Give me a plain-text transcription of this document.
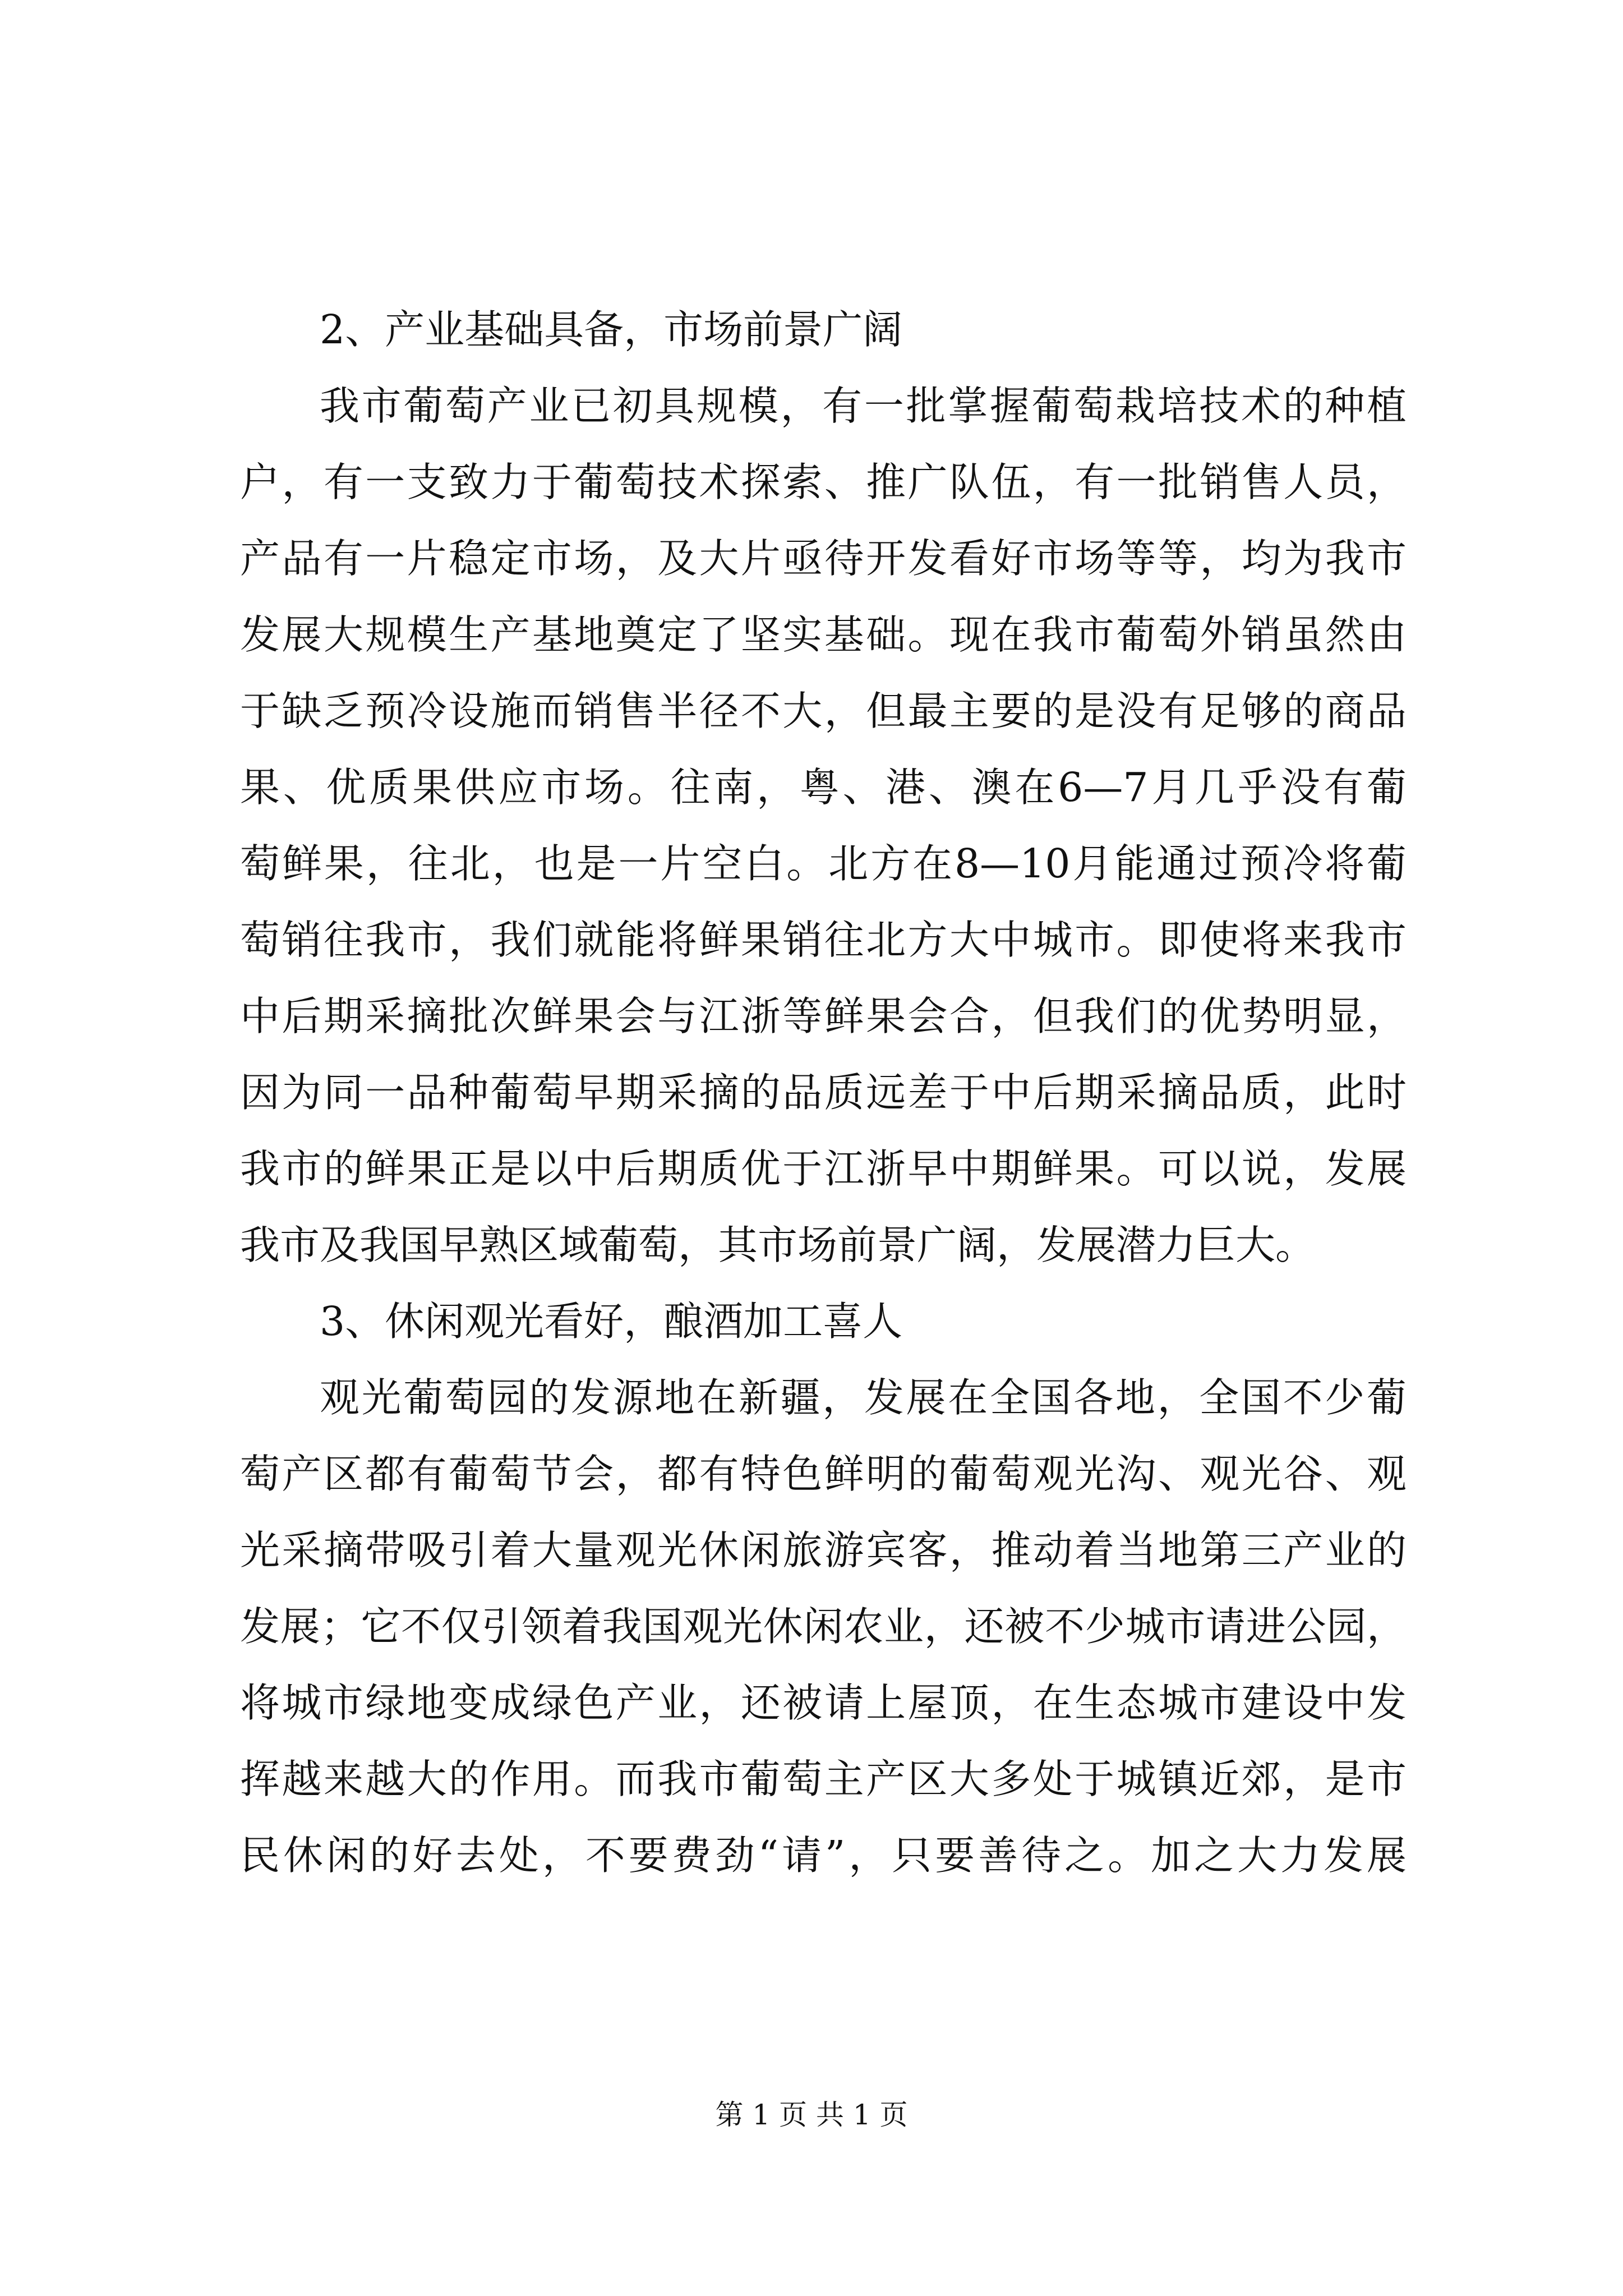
2、产业基础具备，市场前景广阔
我市葡萄产业已初具规模，有一批掌握葡萄栽培技术的种植
户，有一支致力于葡萄技术探索、推广队伍，有一批销售人员，
产品有一片稳定市场，及大片亟待开发看好市场等等，均为我市
发展大规模生产基地奠定了坚实基础。现在我市葡萄外销虽然由
于缺乏预冷设施而销售半径不大，但最主要的是没有足够的商品
果、优质果供应市场。往南，粤、港、澳在6—7月几乎没有葡
萄鲜果，往北，也是一片空白。北方在8—10月能通过预冷将葡
萄销往我市，我们就能将鲜果销往北方大中城市。即使将来我市
中后期采摘批次鲜果会与江浙等鲜果会合，但我们的优势明显，
因为同一品种葡萄早期采摘的品质远差于中后期采摘品质，此时
我市的鲜果正是以中后期质优于江浙早中期鲜果。可以说，发展
我市及我国早熟区域葡萄，其市场前景广阔，发展潜力巨大。
3、休闲观光看好，酿酒加工喜人
观光葡萄园的发源地在新疆，发展在全国各地，全国不少葡
萄产区都有葡萄节会，都有特色鲜明的葡萄观光沟、观光谷、观
光采摘带吸引着大量观光休闲旅游宾客，推动着当地第三产业的
发展；它不仅引领着我国观光休闲农业，还被不少城市请进公园，
将城市绿地变成绿色产业，还被请上屋顶，在生态城市建设中发
挥越来越大的作用。而我市葡萄主产区大多处于城镇近郊，是市
民休闲的好去处，不要费劲“请”，只要善待之。加之大力发展
第 1 页 共 1 页
